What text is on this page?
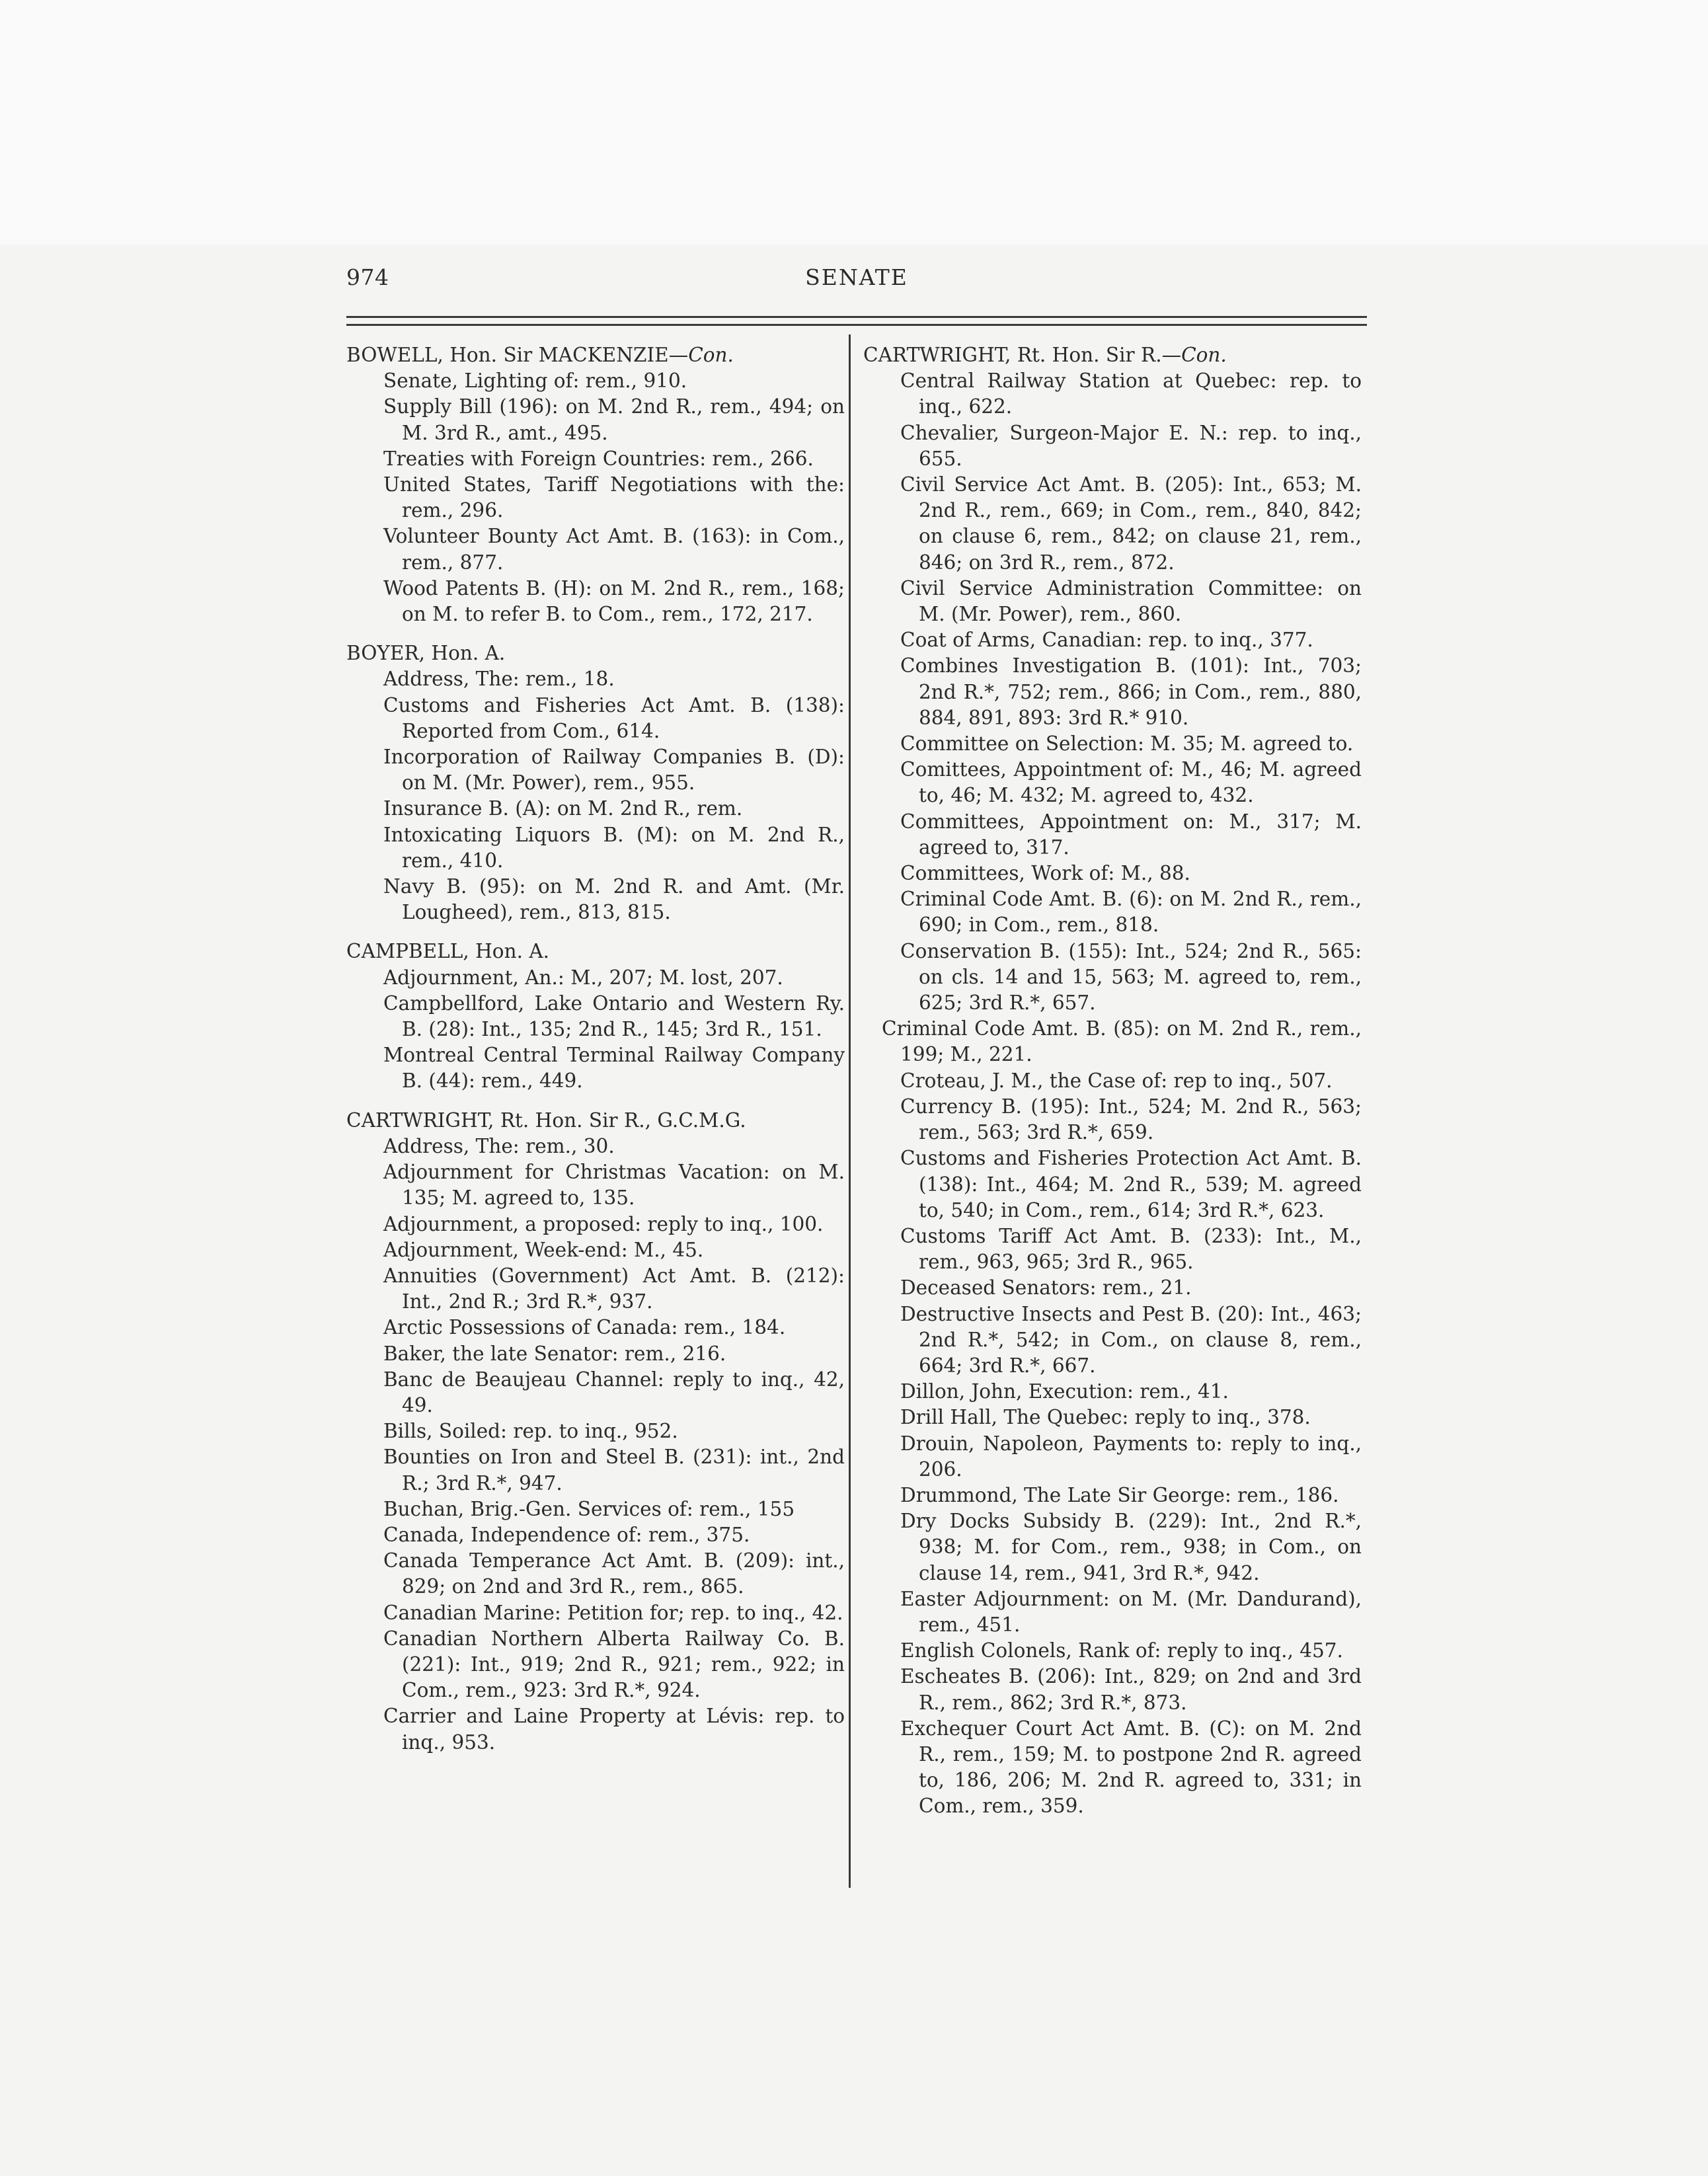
974	SENATE

BOWELL, Hon. Sir MACKENZIE—Con.

Senate, Lighting of: rem., 910.

Supply Bill (196): on M. 2nd R., rem., 494; on M. 3rd R., amt., 495.

Treaties with Foreign Countries: rem., 266.

United States, Tariff Negotiations with the: rem., 296.

Volunteer Bounty Act Amt. B. (163): in Com., rem., 877.

Wood Patents B. (H): on M. 2nd R., rem., 168; on M. to refer B. to Com., rem., 172, 217.

BOYER, Hon. A.

Address, The: rem., 18.

Customs and Fisheries Act Amt. B. (138): Reported from Com., 614.

Incorporation of Railway Companies B. (D): on M. (Mr. Power), rem., 955.

Insurance B. (A): on M. 2nd R., rem.

Intoxicating Liquors B. (M): on M. 2nd R., rem., 410.

Navy B. (95): on M. 2nd R. and Amt. (Mr. Lougheed), rem., 813, 815.

CAMPBELL, Hon. A.

Adjournment, An.: M., 207; M. lost, 207.

Campbellford, Lake Ontario and Western Ry. B. (28): Int., 135; 2nd R., 145; 3rd R., 151.

Montreal Central Terminal Railway Company B. (44): rem., 449.

CARTWRIGHT, Rt. Hon. Sir R., G.C.M.G.

Address, The: rem., 30.

Adjournment for Christmas Vacation: on M. 135; M. agreed to, 135.

Adjournment, a proposed: reply to inq., 100.

Adjournment, Week-end: M., 45.

Annuities (Government) Act Amt. B. (212): Int., 2nd R.; 3rd R.*, 937.

Arctic Possessions of Canada: rem., 184.

Baker, the late Senator: rem., 216.

Banc de Beaujeau Channel: reply to inq., 42, 49.

Bills, Soiled: rep. to inq., 952.

Bounties on Iron and Steel B. (231): int., 2nd R.; 3rd R.*, 947.

Buchan, Brig.-Gen. Services of: rem., 155

Canada, Independence of: rem., 375.

Canada Temperance Act Amt. B. (209): int., 829; on 2nd and 3rd R., rem., 865.

Canadian Marine: Petition for; rep. to inq., 42.

Canadian Northern Alberta Railway Co. B. (221): Int., 919; 2nd R., 921; rem., 922; in Com., rem., 923: 3rd R.*, 924.

Carrier and Laine Property at Lévis: rep. to inq., 953.

CARTWRIGHT, Rt. Hon. Sir R.—Con.

Central Railway Station at Quebec: rep. to inq., 622.

Chevalier, Surgeon-Major E. N.: rep. to inq., 655.

Civil Service Act Amt. B. (205): Int., 653; M. 2nd R., rem., 669; in Com., rem., 840, 842; on clause 6, rem., 842; on clause 21, rem., 846; on 3rd R., rem., 872.

Civil Service Administration Committee: on M. (Mr. Power), rem., 860.

Coat of Arms, Canadian: rep. to inq., 377.

Combines Investigation B. (101): Int., 703; 2nd R.*, 752; rem., 866; in Com., rem., 880, 884, 891, 893: 3rd R.* 910.

Committee on Selection: M. 35; M. agreed to.

Comittees, Appointment of: M., 46; M. agreed to, 46; M. 432; M. agreed to, 432.

Committees, Appointment on: M., 317; M. agreed to, 317.

Committees, Work of: M., 88.

Criminal Code Amt. B. (6): on M. 2nd R., rem., 690; in Com., rem., 818.

Conservation B. (155): Int., 524; 2nd R., 565: on cls. 14 and 15, 563; M. agreed to, rem., 625; 3rd R.*, 657.

Criminal Code Amt. B. (85): on M. 2nd R., rem., 199; M., 221.

Croteau, J. M., the Case of: rep to inq., 507.

Currency B. (195): Int., 524; M. 2nd R., 563; rem., 563; 3rd R.*, 659.

Customs and Fisheries Protection Act Amt. B. (138): Int., 464; M. 2nd R., 539; M. agreed to, 540; in Com., rem., 614; 3rd R.*, 623.

Customs Tariff Act Amt. B. (233): Int., M., rem., 963, 965; 3rd R., 965.

Deceased Senators: rem., 21.

Destructive Insects and Pest B. (20): Int., 463; 2nd R.*, 542; in Com., on clause 8, rem., 664; 3rd R.*, 667.

Dillon, John, Execution: rem., 41.

Drill Hall, The Quebec: reply to inq., 378.

Drouin, Napoleon, Payments to: reply to inq., 206.

Drummond, The Late Sir George: rem., 186.

Dry Docks Subsidy B. (229): Int., 2nd R.*, 938; M. for Com., rem., 938; in Com., on clause 14, rem., 941, 3rd R.*, 942.

Easter Adjournment: on M. (Mr. Dandurand), rem., 451.

English Colonels, Rank of: reply to inq., 457.

Escheates B. (206): Int., 829; on 2nd and 3rd R., rem., 862; 3rd R.*, 873.

Exchequer Court Act Amt. B. (C): on M. 2nd R., rem., 159; M. to postpone 2nd R. agreed to, 186, 206; M. 2nd R. agreed to, 331; in Com., rem., 359.
